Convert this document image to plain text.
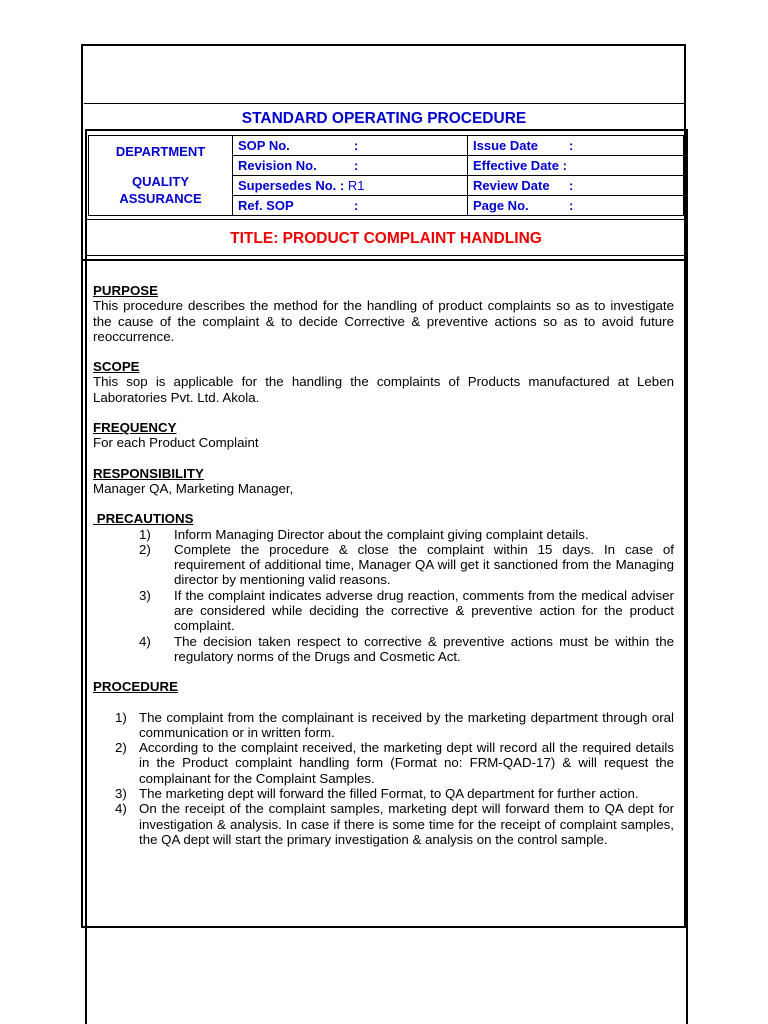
STANDARD OPERATING PROCEDURE
DEPARTMENT
QUALITY
ASSURANCE	SOP No. :	Issue Date :
	Revision No. :	Effective Date :
	Supersedes No. : R1	Review Date :
	Ref. SOP :	Page No. :
TITLE: PRODUCT COMPLAINT HANDLING

PURPOSE

This procedure describes the method for the handling of product complaints so as to investigate the cause of the complaint & to decide Corrective & preventive actions so as to avoid future reoccurrence.

SCOPE

This sop is applicable for the handling the complaints of Products manufactured at Leben Laboratories Pvt. Ltd. Akola.

FREQUENCY

For each Product Complaint

RESPONSIBILITY

Manager QA, Marketing Manager,

PRECAUTIONS

1) Inform Managing Director about the complaint giving complaint details.
2) Complete the procedure & close the complaint within 15 days. In case of requirement of additional time, Manager QA will get it sanctioned from the Managing director by mentioning valid reasons.
3) If the complaint indicates adverse drug reaction, comments from the medical adviser are considered while deciding the corrective & preventive action for the product complaint.
4) The decision taken respect to corrective & preventive actions must be within the regulatory norms of the Drugs and Cosmetic Act.

PROCEDURE

1) The complaint from the complainant is received by the marketing department through oral communication or in written form.
2) According to the complaint received, the marketing dept will record all the required details in the Product complaint handling form (Format no: FRM-QAD-17) & will request the complainant for the Complaint Samples.
3) The marketing dept will forward the filled Format, to QA department for further action.
4) On the receipt of the complaint samples, marketing dept will forward them to QA dept for investigation & analysis. In case if there is some time for the receipt of complaint samples, the QA dept will start the primary investigation & analysis on the control sample.
